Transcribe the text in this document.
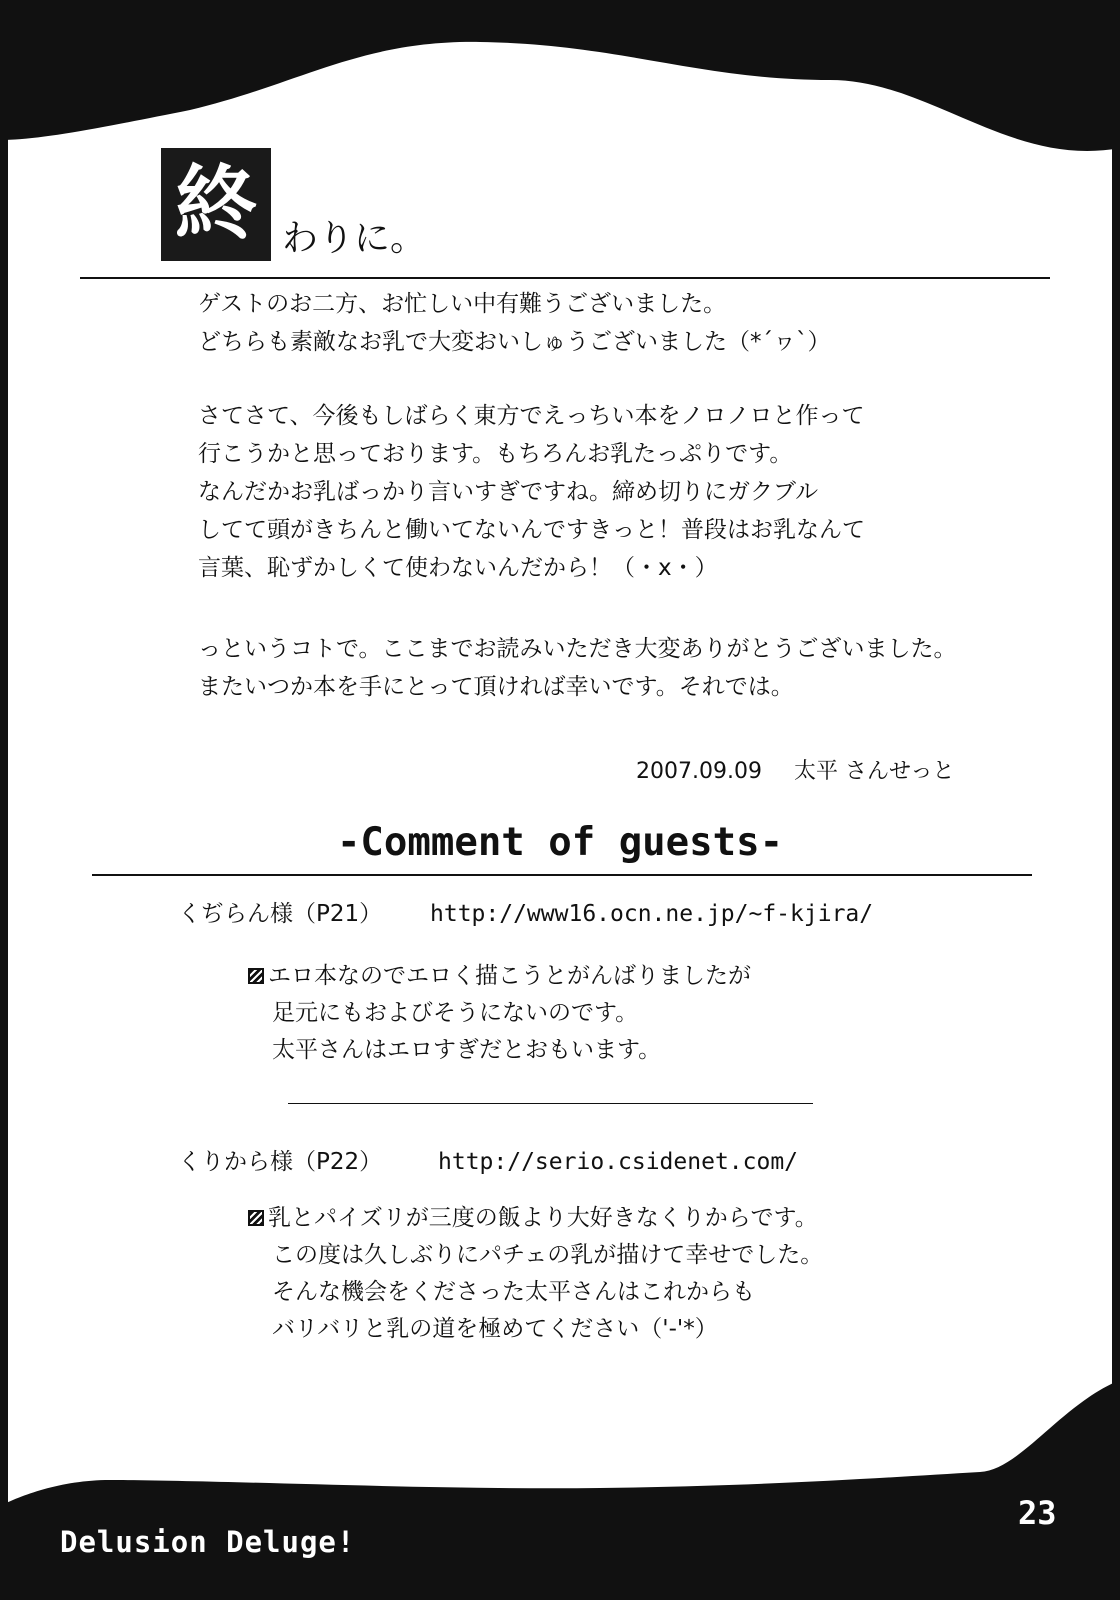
終 わりに。
ゲストのお二方、お忙しい中有難うございました。
どちらも素敵なお乳で大変おいしゅうございました（*´ヮ`）
さてさて、今後もしばらく東方でえっちい本をノロノロと作って
行こうかと思っております。もちろんお乳たっぷりです。
なんだかお乳ばっかり言いすぎですね。締め切りにガクブル
してて頭がきちんと働いてないんですきっと！普段はお乳なんて
言葉、恥ずかしくて使わないんだから！（・x・）
っというコトで。ここまでお読みいただき大変ありがとうございました。
またいつか本を手にとって頂ければ幸いです。それでは。
2007.09.09 太平 さんせっと
-Comment of guests-
くぢらん様（P21） http://www16.ocn.ne.jp/~f-kjira/
エロ本なのでエロく描こうとがんばりましたが
足元にもおよびそうにないのです。
太平さんはエロすぎだとおもいます。
くりから様（P22） http://serio.csidenet.com/
乳とパイズリが三度の飯より大好きなくりからです。
この度は久しぶりにパチェの乳が描けて幸せでした。
そんな機会をくださった太平さんはこれからも
バリバリと乳の道を極めてください（'-'*）
Delusion Deluge!
23
